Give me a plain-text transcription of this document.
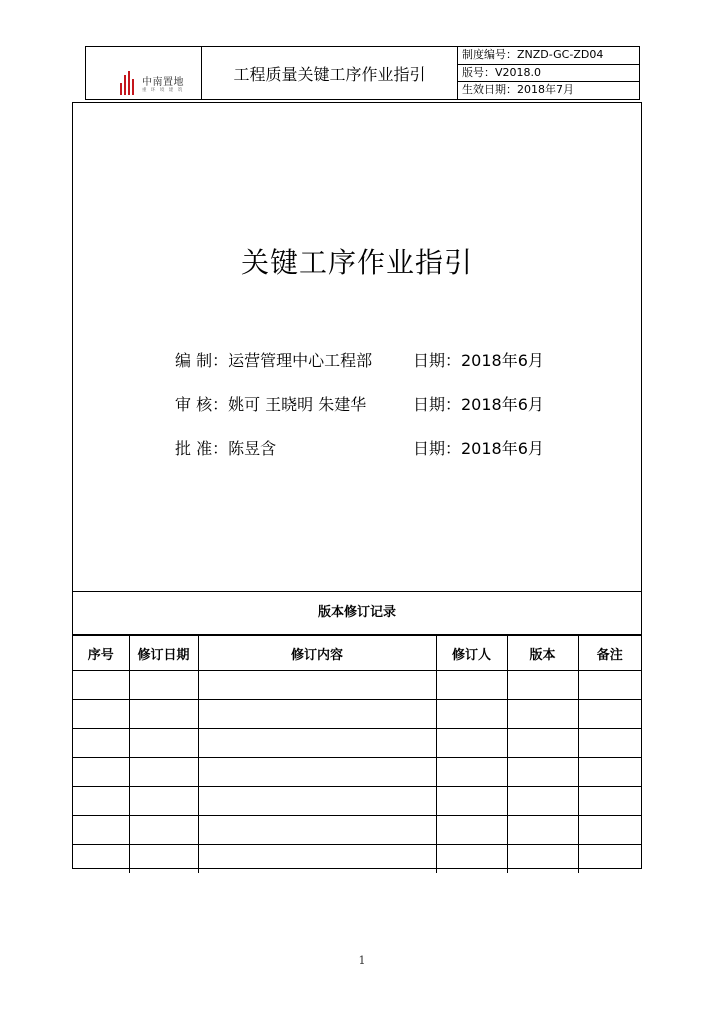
中南置地
重 环 境 建 筑
工程质量关键工序作业指引
制度编号：ZNZD-GC-ZD04
版号：V2018.0
生效日期：2018年7月
关键工序作业指引
编 制：运营管理中心工程部	日期：2018年6月
审 核：姚可 王晓明 朱建华	日期：2018年6月
批 准：陈昱含	日期：2018年6月
版本修订记录
序号	修订日期	修订内容	修订人	版本	备注

1
